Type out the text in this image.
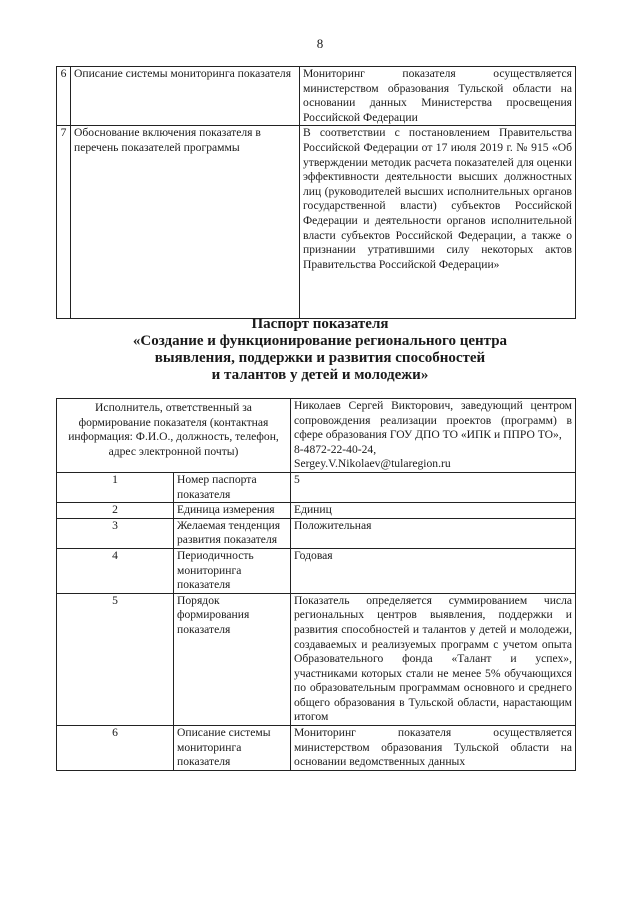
8
6	Описание системы мониторинга показателя	Мониторинг показателя осуществляется министерством образования Тульской области на основании данных Министерства просвещения Российской Федерации
7	Обоснование включения показателя в перечень показателей программы	В соответствии с постановлением Правительства Российской Федерации от 17 июля 2019 г. № 915 «Об утверждении методик расчета показателей для оценки эффективности деятельности высших должностных лиц (руководителей высших исполнительных органов государственной власти) субъектов Российской Федерации и деятельности органов исполнительной власти субъектов Российской Федерации, а также о признании утратившими силу некоторых актов Правительства Российской Федерации»
Паспорт показателя
«Создание и функционирование регионального центра
выявления, поддержки и развития способностей
и талантов у детей и молодежи»
Исполнитель, ответственный за формирование показателя (контактная информация: Ф.И.О., должность, телефон, адрес электронной почты)		Николаев Сергей Викторович, заведующий центром сопровождения реализации проектов (программ) в сфере образования ГОУ ДПО ТО «ИПК и ППРО ТО»,
8-4872-22-40-24,
Sergey.V.Nikolaev@tularegion.ru

1	Номер паспорта показателя	5
2	Единица измерения	Единиц
3	Желаемая тенденция развития показателя	Положительная
4	Периодичность мониторинга показателя	Годовая
5	Порядок формирования показателя	Показатель определяется суммированием числа региональных центров выявления, поддержки и развития способностей и талантов у детей и молодежи, создаваемых и реализуемых программ с учетом опыта Образовательного фонда «Талант и успех», участниками которых стали не менее 5% обучающихся по образовательным программам основного и среднего общего образования в Тульской области, нарастающим итогом
6	Описание системы мониторинга показателя	Мониторинг показателя осуществляется министерством образования Тульской области на основании ведомственных данных
